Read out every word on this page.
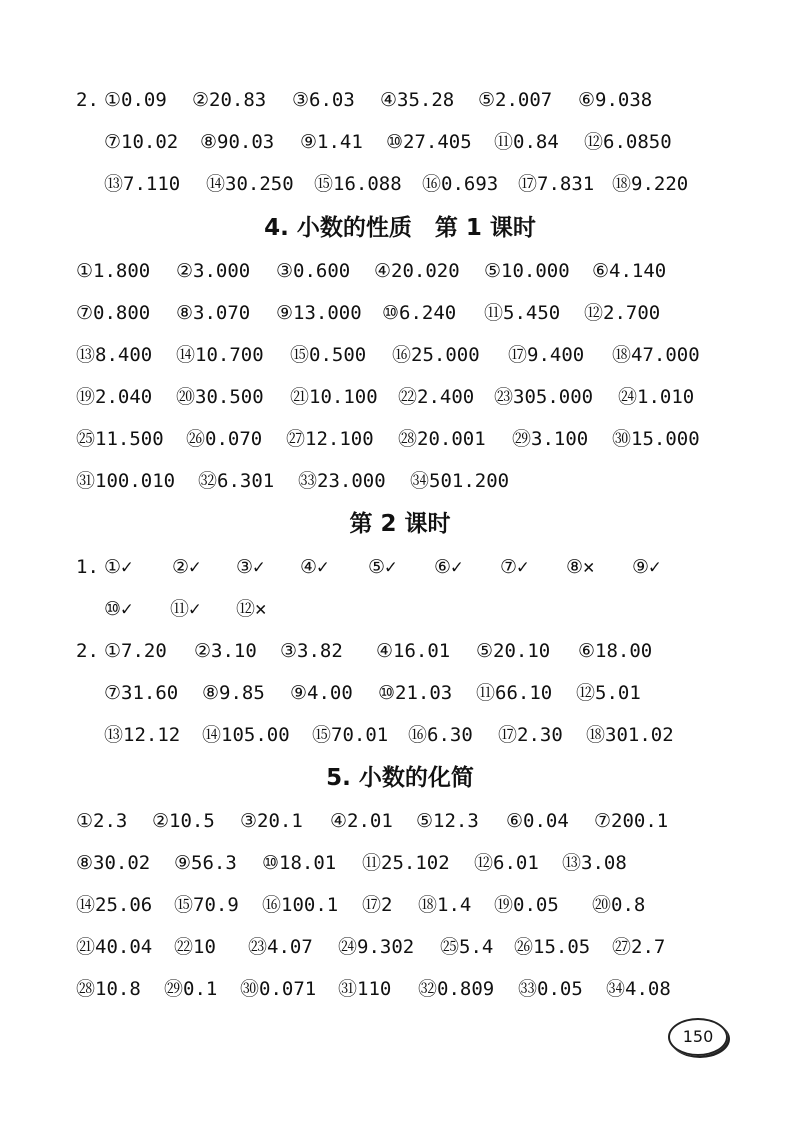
2. ①0.09 ②20.83 ③6.03 ④35.28 ⑤2.007 ⑥9.038
⑦10.02 ⑧90.03 ⑨1.41 ⑩27.405 ⑪0.84 ⑫6.0850
⑬7.110 ⑭30.250 ⑮16.088 ⑯0.693 ⑰7.831 ⑱9.220
4. 小数的性质　第 1 课时
①1.800 ②3.000 ③0.600 ④20.020 ⑤10.000 ⑥4.140
⑦0.800 ⑧3.070 ⑨13.000 ⑩6.240 ⑪5.450 ⑫2.700
⑬8.400 ⑭10.700 ⑮0.500 ⑯25.000 ⑰9.400 ⑱47.000
⑲2.040 ⑳30.500 ㉑10.100 ㉒2.400 ㉓305.000 ㉔1.010
㉕11.500 ㉖0.070 ㉗12.100 ㉘20.001 ㉙3.100 ㉚15.000
㉛100.010 ㉜6.301 ㉝23.000 ㉞501.200
第 2 课时
1. ①✓ ②✓ ③✓ ④✓ ⑤✓ ⑥✓ ⑦✓ ⑧✕ ⑨✓
⑩✓ ⑪✓ ⑫✕
2. ①7.20 ②3.10 ③3.82 ④16.01 ⑤20.10 ⑥18.00
⑦31.60 ⑧9.85 ⑨4.00 ⑩21.03 ⑪66.10 ⑫5.01
⑬12.12 ⑭105.00 ⑮70.01 ⑯6.30 ⑰2.30 ⑱301.02
5. 小数的化简
①2.3 ②10.5 ③20.1 ④2.01 ⑤12.3 ⑥0.04 ⑦200.1
⑧30.02 ⑨56.3 ⑩18.01 ⑪25.102 ⑫6.01 ⑬3.08
⑭25.06 ⑮70.9 ⑯100.1 ⑰2 ⑱1.4 ⑲0.05 ⑳0.8
㉑40.04 ㉒10 ㉓4.07 ㉔9.302 ㉕5.4 ㉖15.05 ㉗2.7
㉘10.8 ㉙0.1 ㉚0.071 ㉛110 ㉜0.809 ㉝0.05 ㉞4.08
150
